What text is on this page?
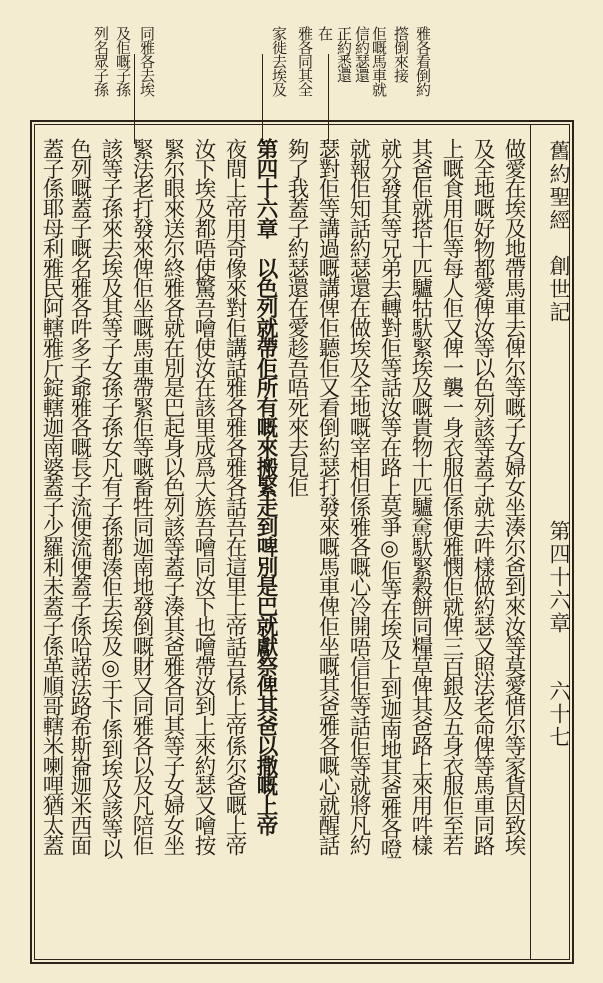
雅各看倒約
撘倒來接
佢嘅馬車就
信約瑟還
正約悉還
在
雅各同其全
家徙去埃及
同雅各去埃
及佢嘅子孫
列名眾子孫
舊約聖經　創世記
第四十六章
六十七
做愛在埃及地帶馬車去俾尔等嘅子女婦女坐湊尔爸到來汝等莫愛惜尔等家貨因致埃
及全地嘅好物都愛俾汝等以色列該等蓋子就去吽樣做約瑟又照法老命俾等馬車同路
上嘅食用佢等每人佢又俾一襲一身衣服但係便雅憫佢就俾三百銀及五身衣服佢至若
其爸佢就搭十匹驢牯馱緊埃及嘅貴物十匹驢𩡷馱緊穀餅同糧草俾其爸路上來用吽樣
就分發其等兄弟去轉對佢等話汝等在路上莫爭◎佢等在埃及上到迦南地其爸雅各噔
就報佢知話約瑟還在做埃及全地嘅宰相但係雅各嘅心冷開唔信佢等話佢等就將凡約
瑟對佢等講過嘅講俾佢聽佢又看倒約瑟打發來嘅馬車俾佢坐嘅其爸雅各嘅心就醒話
夠了我蓋子約瑟還在愛趁吾唔死來去見佢
第四十六章　以色列就帶佢所有嘅來搬緊走到啤別是巴就獻祭俾其爸以撒嘅上帝
夜間上帝用奇像來對佢講話雅各雅各雅各話吾在這里上帝話吾係上帝係尔爸嘅上帝
汝下埃及都唔使驚吾噲使汝在該里成爲大族吾噲同汝下也噲帶汝到上來約瑟又噲按
緊尔眼來送尔終雅各就在別是巴起身以色列該等蓋子湊其爸雅各同其等子女婦女坐
緊法老打發來俾佢坐嘅馬車帶緊佢等嘅畜牲同迦南地發倒嘅財又同雅各以及凡陪佢
該等子孫來去埃及其等子女孫子孫女凡有子孫都湊佢去埃及◎于下係到埃及該等以
色列嘅蓋子嘅名雅各吽多子爺雅各嘅長子流便流便蓋子係哈諾法路希斯崙迦米西面
蓋子係耶母利雅民阿轄雅斤錠轄迦南婆蓋子少羅利未蓋子係革順哥轄米喇哩猶太蓋
